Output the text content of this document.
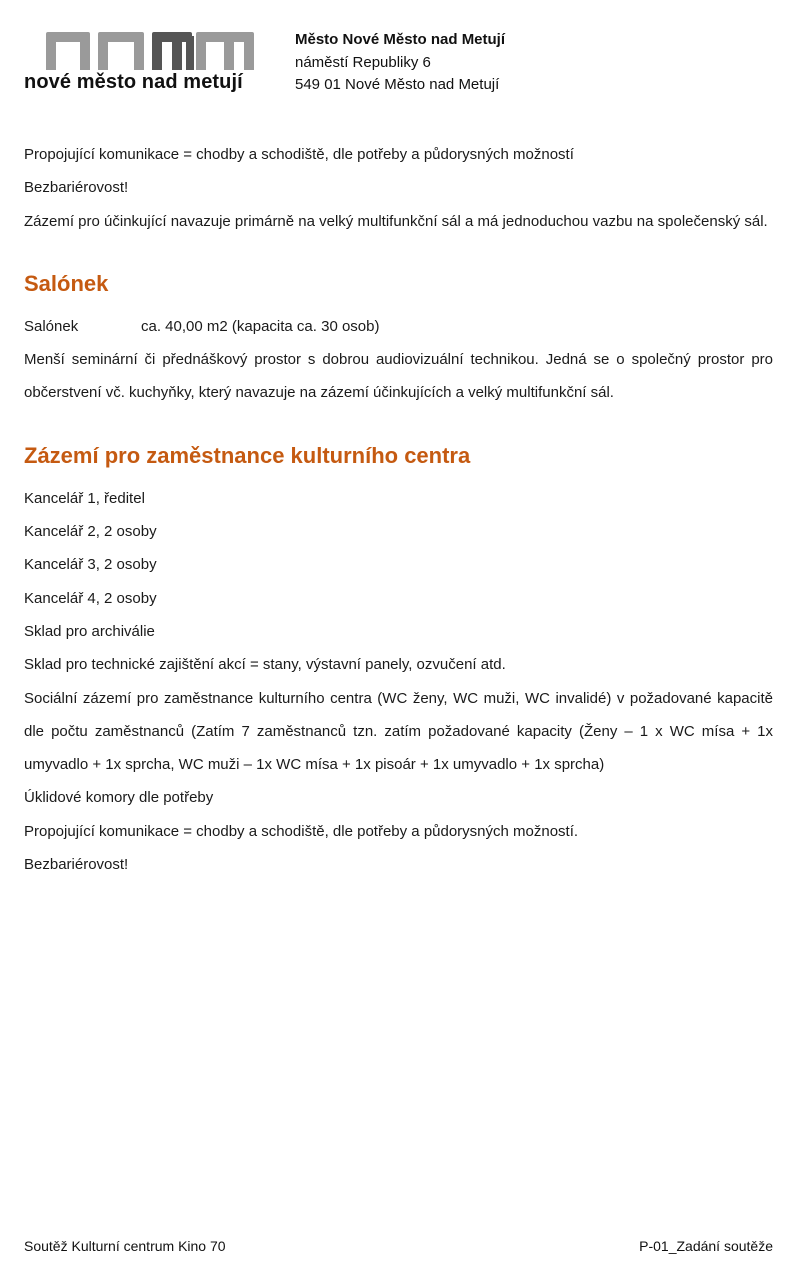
nové město nad metují
Město Nové Město nad Metují
náměstí Republiky 6
549 01 Nové Město nad Metují

Propojující komunikace = chodby a schodiště, dle potřeby a půdorysných možností

Bezbariérovost!

Zázemí pro účinkující navazuje primárně na velký multifunkční sál a má jednoduchou vazbu na společenský sál.

Salónek

Salónek	ca. 40,00 m2 (kapacita ca. 30 osob)

Menší seminární či přednáškový prostor s dobrou audiovizuální technikou. Jedná se o společný prostor pro občerstvení vč. kuchyňky, který navazuje na zázemí účinkujících a velký multifunkční sál.

Zázemí pro zaměstnance kulturního centra

Kancelář 1, ředitel

Kancelář 2, 2 osoby

Kancelář 3, 2 osoby

Kancelář 4, 2 osoby

Sklad pro archiválie

Sklad pro technické zajištění akcí = stany, výstavní panely, ozvučení atd.

Sociální zázemí pro zaměstnance kulturního centra (WC ženy, WC muži, WC invalidé) v požadované kapacitě dle počtu zaměstnanců (Zatím 7 zaměstnanců tzn. zatím požadované kapacity (Ženy – 1 x WC mísa + 1x umyvadlo + 1x sprcha, WC muži – 1x WC mísa + 1x pisoár + 1x umyvadlo + 1x sprcha)

Úklidové komory dle potřeby

Propojující komunikace = chodby a schodiště, dle potřeby a půdorysných možností.

Bezbariérovost!

Soutěž Kulturní centrum Kino 70	P-01_Zadání soutěže
